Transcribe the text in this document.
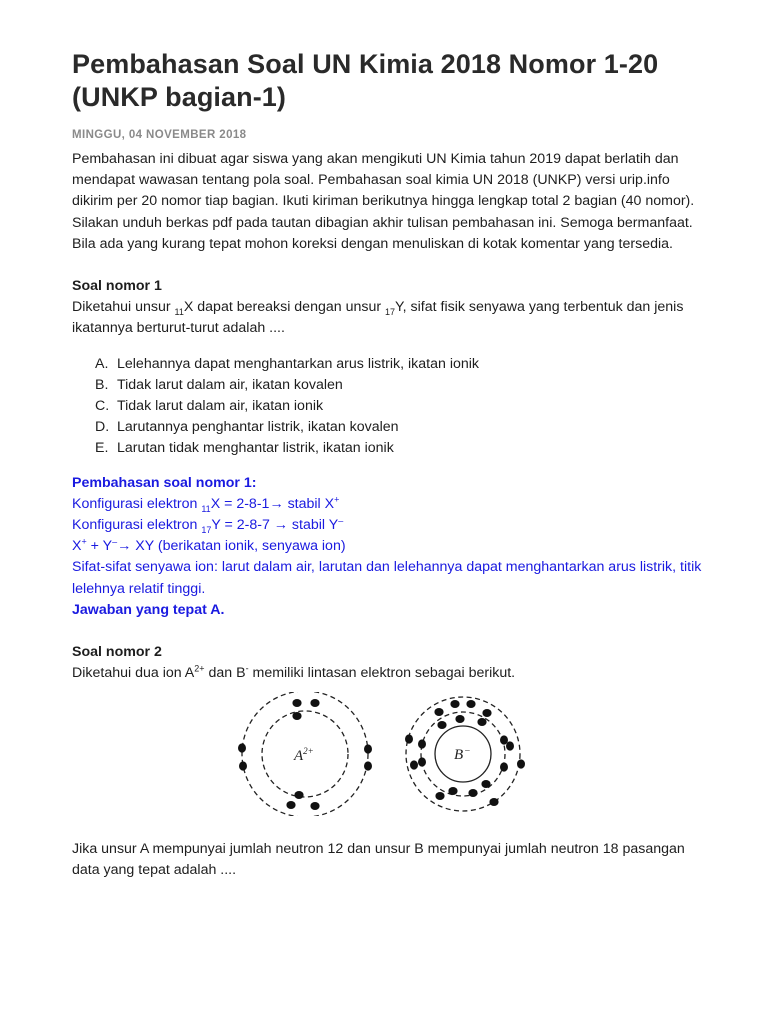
Pembahasan Soal UN Kimia 2018 Nomor 1-20 (UNKP bagian-1)
MINGGU, 04 NOVEMBER 2018

Pembahasan ini dibuat agar siswa yang akan mengikuti UN Kimia tahun 2019 dapat berlatih dan mendapat wawasan tentang pola soal. Pembahasan soal kimia UN 2018 (UNKP) versi urip.info dikirim per 20 nomor tiap bagian. Ikuti kiriman berikutnya hingga lengkap total 2 bagian (40 nomor). Silakan unduh berkas pdf pada tautan dibagian akhir tulisan pembahasan ini. Semoga bermanfaat. Bila ada yang kurang tepat mohon koreksi dengan menuliskan di kotak komentar yang tersedia.

Soal nomor 1

Diketahui unsur $_{11}$X dapat bereaksi dengan unsur $_{17}$Y, sifat fisik senyawa yang terbentuk dan jenis ikatannya berturut-turut adalah ....

A. Lelehannya dapat menghantarkan arus listrik, ikatan ionik
B. Tidak larut dalam air, ikatan kovalen
C. Tidak larut dalam air, ikatan ionik
D. Larutannya penghantar listrik, ikatan kovalen
E. Larutan tidak menghantar listrik, ikatan ionik
Pembahasan soal nomor 1:
Konfigurasi elektron $_{11}$X = 2-8-1→ stabil X+
Konfigurasi elektron $_{17}$Y = 2-8-7 → stabil Y–
X+ + Y–→ XY (berikatan ionik, senyawa ion)
Sifat-sifat senyawa ion: larut dalam air, larutan dan lelehannya dapat menghantarkan arus listrik, titik lelehnya relatif tinggi.
Jawaban yang tepat A.

Soal nomor 2

Diketahui dua ion $A^{2+}$ dan B- memiliki lintasan elektron sebagai berikut.

$A^{2+}$	B –

Jika unsur A mempunyai jumlah neutron 12 dan unsur B mempunyai jumlah neutron 18 pasangan data yang tepat adalah ....
